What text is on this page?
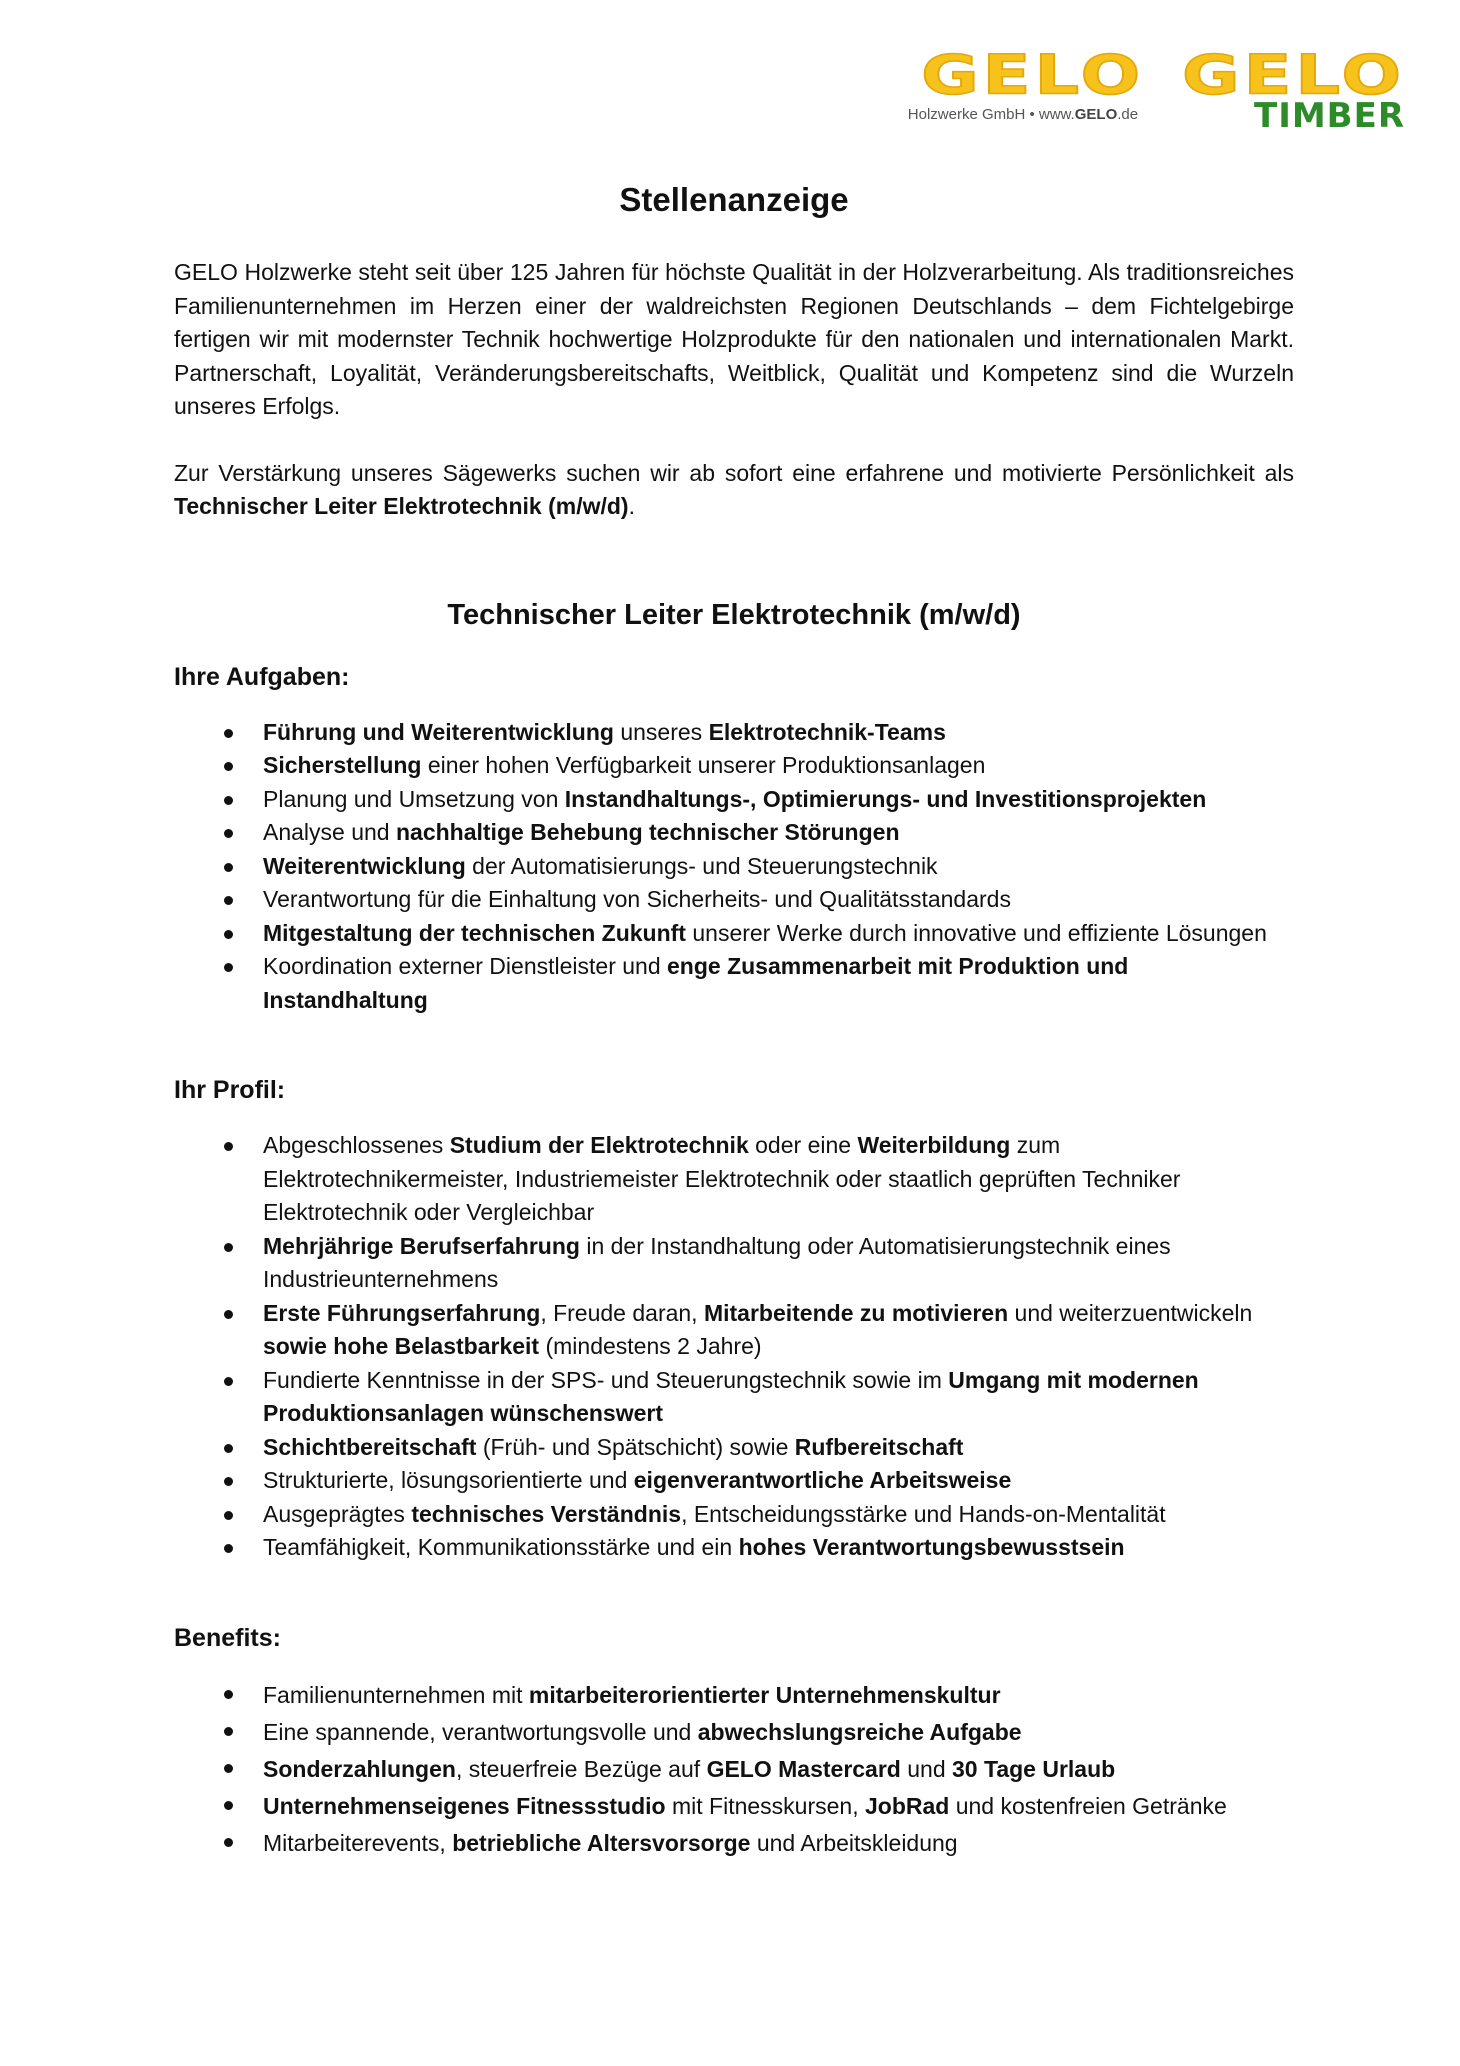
GELO
Holzwerke GmbH • www.GELO.de
GELO
TIMBER
Stellenanzeige

GELO Holzwerke steht seit über 125 Jahren für höchste Qualität in der Holzverarbeitung. Als traditionsreiches Familienunternehmen im Herzen einer der waldreichsten Regionen Deutschlands – dem Fichtelgebirge fertigen wir mit modernster Technik hochwertige Holzprodukte für den nationalen und internationalen Markt. Partnerschaft, Loyalität, Veränderungsbereitschafts, Weitblick, Qualität und Kompetenz sind die Wurzeln unseres Erfolgs.

Zur Verstärkung unseres Sägewerks suchen wir ab sofort eine erfahrene und motivierte Persönlichkeit als Technischer Leiter Elektrotechnik (m/w/d).

Technischer Leiter Elektrotechnik (m/w/d)
Ihre Aufgaben:
Führung und Weiterentwicklung unseres Elektrotechnik-Teams
Sicherstellung einer hohen Verfügbarkeit unserer Produktionsanlagen
Planung und Umsetzung von Instandhaltungs-, Optimierungs- und Investitionsprojekten
Analyse und nachhaltige Behebung technischer Störungen
Weiterentwicklung der Automatisierungs- und Steuerungstechnik
Verantwortung für die Einhaltung von Sicherheits- und Qualitätsstandards
Mitgestaltung der technischen Zukunft unserer Werke durch innovative und effiziente Lösungen
Koordination externer Dienstleister und enge Zusammenarbeit mit Produktion und Instandhaltung
Ihr Profil:
Abgeschlossenes Studium der Elektrotechnik oder eine Weiterbildung zum Elektrotechnikermeister, Industriemeister Elektrotechnik oder staatlich geprüften Techniker Elektrotechnik oder Vergleichbar
Mehrjährige Berufserfahrung in der Instandhaltung oder Automatisierungstechnik eines Industrieunternehmens
Erste Führungserfahrung, Freude daran, Mitarbeitende zu motivieren und weiterzuentwickeln sowie hohe Belastbarkeit (mindestens 2 Jahre)
Fundierte Kenntnisse in der SPS- und Steuerungstechnik sowie im Umgang mit modernen Produktionsanlagen wünschenswert
Schichtbereitschaft (Früh- und Spätschicht) sowie Rufbereitschaft
Strukturierte, lösungsorientierte und eigenverantwortliche Arbeitsweise
Ausgeprägtes technisches Verständnis, Entscheidungsstärke und Hands-on-Mentalität
Teamfähigkeit, Kommunikationsstärke und ein hohes Verantwortungsbewusstsein
Benefits:
Familienunternehmen mit mitarbeiterorientierter Unternehmenskultur
Eine spannende, verantwortungsvolle und abwechslungsreiche Aufgabe
Sonderzahlungen, steuerfreie Bezüge auf GELO Mastercard und 30 Tage Urlaub
Unternehmenseigenes Fitnessstudio mit Fitnesskursen, JobRad und kostenfreien Getränke
Mitarbeiterevents, betriebliche Altersvorsorge und Arbeitskleidung
